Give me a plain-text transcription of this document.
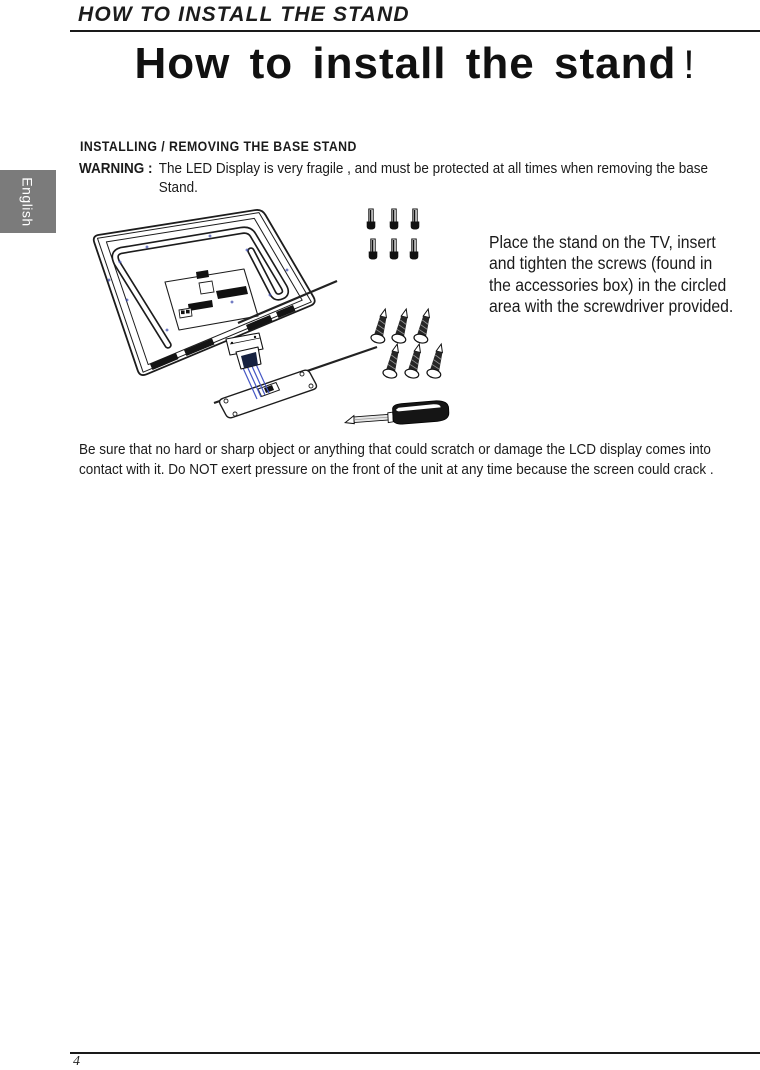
HOW TO INSTALL THE STAND
How to install the stand !
English
INSTALLING / REMOVING THE BASE STAND
WARNING : The LED Display is very fragile , and must be protected at all times when removing the base
Stand.
Place the stand on the TV, insert
and tighten the screws (found in
the accessories box) in the circled
area with the screwdriver provided.
Be sure that no hard or sharp object or anything that could scratch or damage the LCD display comes into
contact with it. Do NOT exert pressure on the front of the unit at any time because the screen could crack .
4
